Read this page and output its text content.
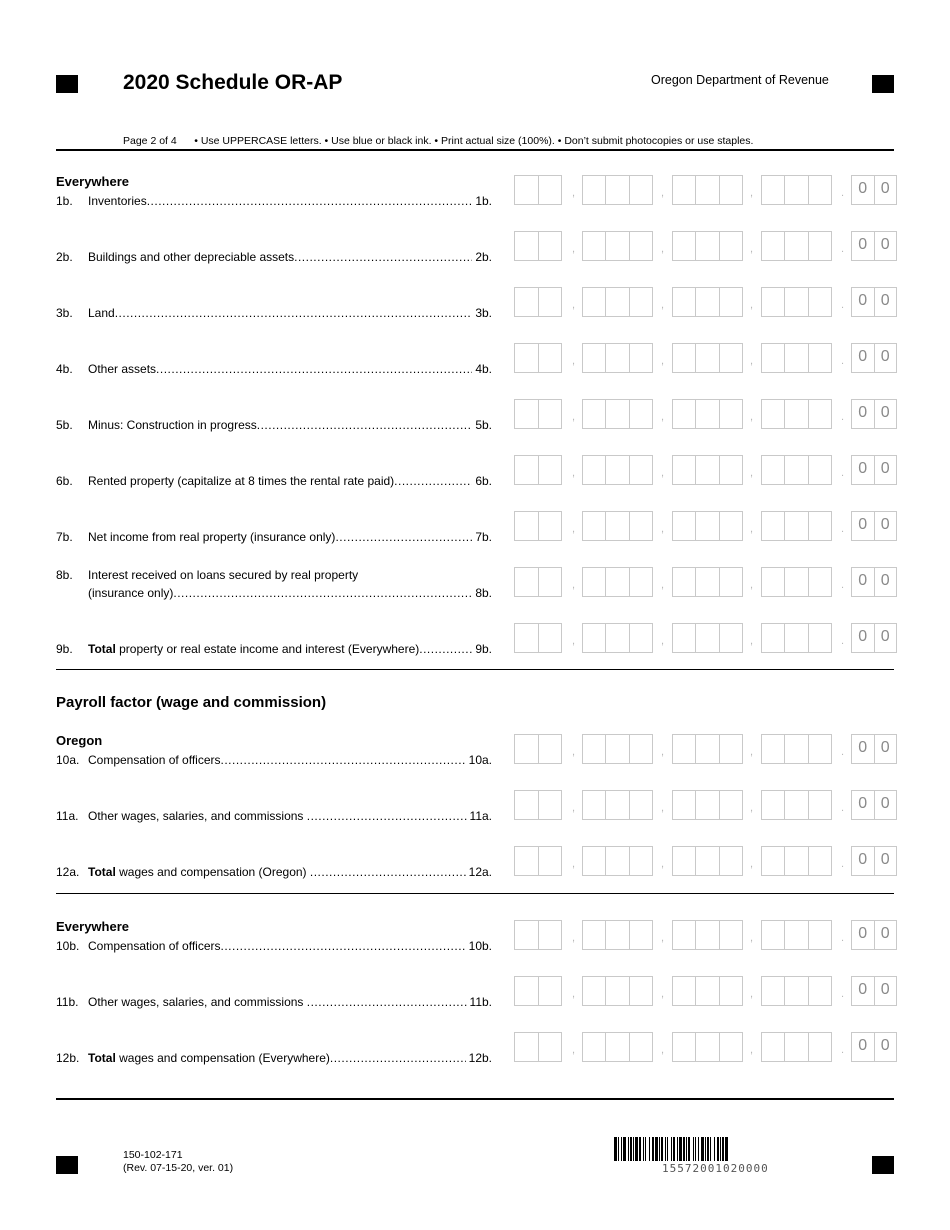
2020 Schedule OR-AP	Oregon Department of Revenue
Page 2 of 4 • Use UPPERCASE letters. • Use blue or black ink. • Print actual size (100%). • Don’t submit photocopies or use staples.
Everywhere
Payroll factor (wage and commission)
Oregon
Everywhere
1b.	Inventories .....	1b.
,	,	,	. 0 0
2b.	Buildings and other depreciable assets .....	2b.
,	,	,	. 0 0
3b.	Land .....	3b.
,	,	,	. 0 0
4b.	Other assets .....	4b.
,	,	,	. 0 0
5b.	Minus: Construction in progress .....	5b.
,	,	,	. 0 0
6b.	Rented property (capitalize at 8 times the rental rate paid) .....	6b.
,	,	,	. 0 0
7b.	Net income from real property (insurance only) .....	7b.
,	,	,	. 0 0
8b.	Interest received on loans secured by real property
(insurance only) .....	8b.
,	,	,	. 0 0
9b.	Total property or real estate income and interest (Everywhere) .....	9b.
,	,	,	. 0 0
10a. Compensation of officers .....	10a.
,	,	,	. 0 0
11a. Other wages, salaries, and commissions .....	11a.
,	,	,	. 0 0
12a. Total wages and compensation (Oregon) .....	12a.
,	,	,	. 0 0
10b. Compensation of officers .....	10b.
,	,	,	. 0 0
11b. Other wages, salaries, and commissions .....	11b.
,	,	,	. 0 0
12b. Total wages and compensation (Everywhere) .....	12b.
,	,	,	. 0 0
150-102-171
(Rev. 07-15-20, ver. 01)	15572001020000
